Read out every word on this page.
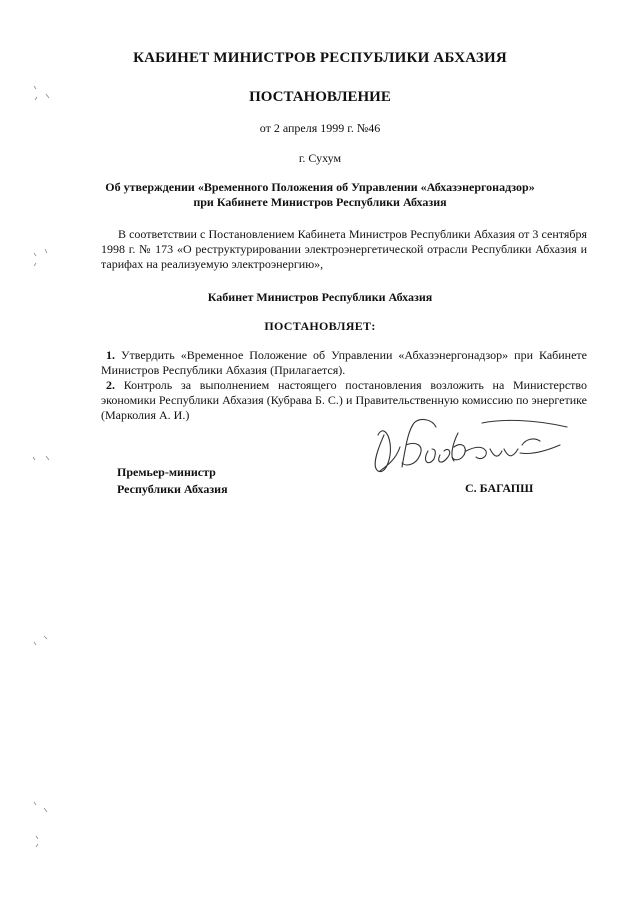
КАБИНЕТ МИНИСТРОВ РЕСПУБЛИКИ АБХАЗИЯ
ПОСТАНОВЛЕНИЕ
от 2 апреля 1999 г. №46
г. Сухум
Об утверждении «Временного Положения об Управлении «Абхазэнергонадзор»
при Кабинете Министров Республики Абхазия
В соответствии с Постановлением Кабинета Министров Республики Абхазия от 3 сентября 1998 г. № 173 «О реструктурировании электроэнергетической отрасли Республики Абхазия и тарифах на реализуемую электроэнергию»,
Кабинет Министров Республики Абхазия
ПОСТАНОВЛЯЕТ:
1. Утвердить «Временное Положение об Управлении «Абхазэнергонадзор» при Кабинете Министров Республики Абхазия (Прилагается).
2. Контроль за выполнением настоящего постановления возложить на Министерство экономики Республики Абхазия (Кубрава Б. С.) и Правительственную комиссию по энергетике (Марколия А. И.)
Премьер-министр
Республики Абхазия	С. БАГАПШ
